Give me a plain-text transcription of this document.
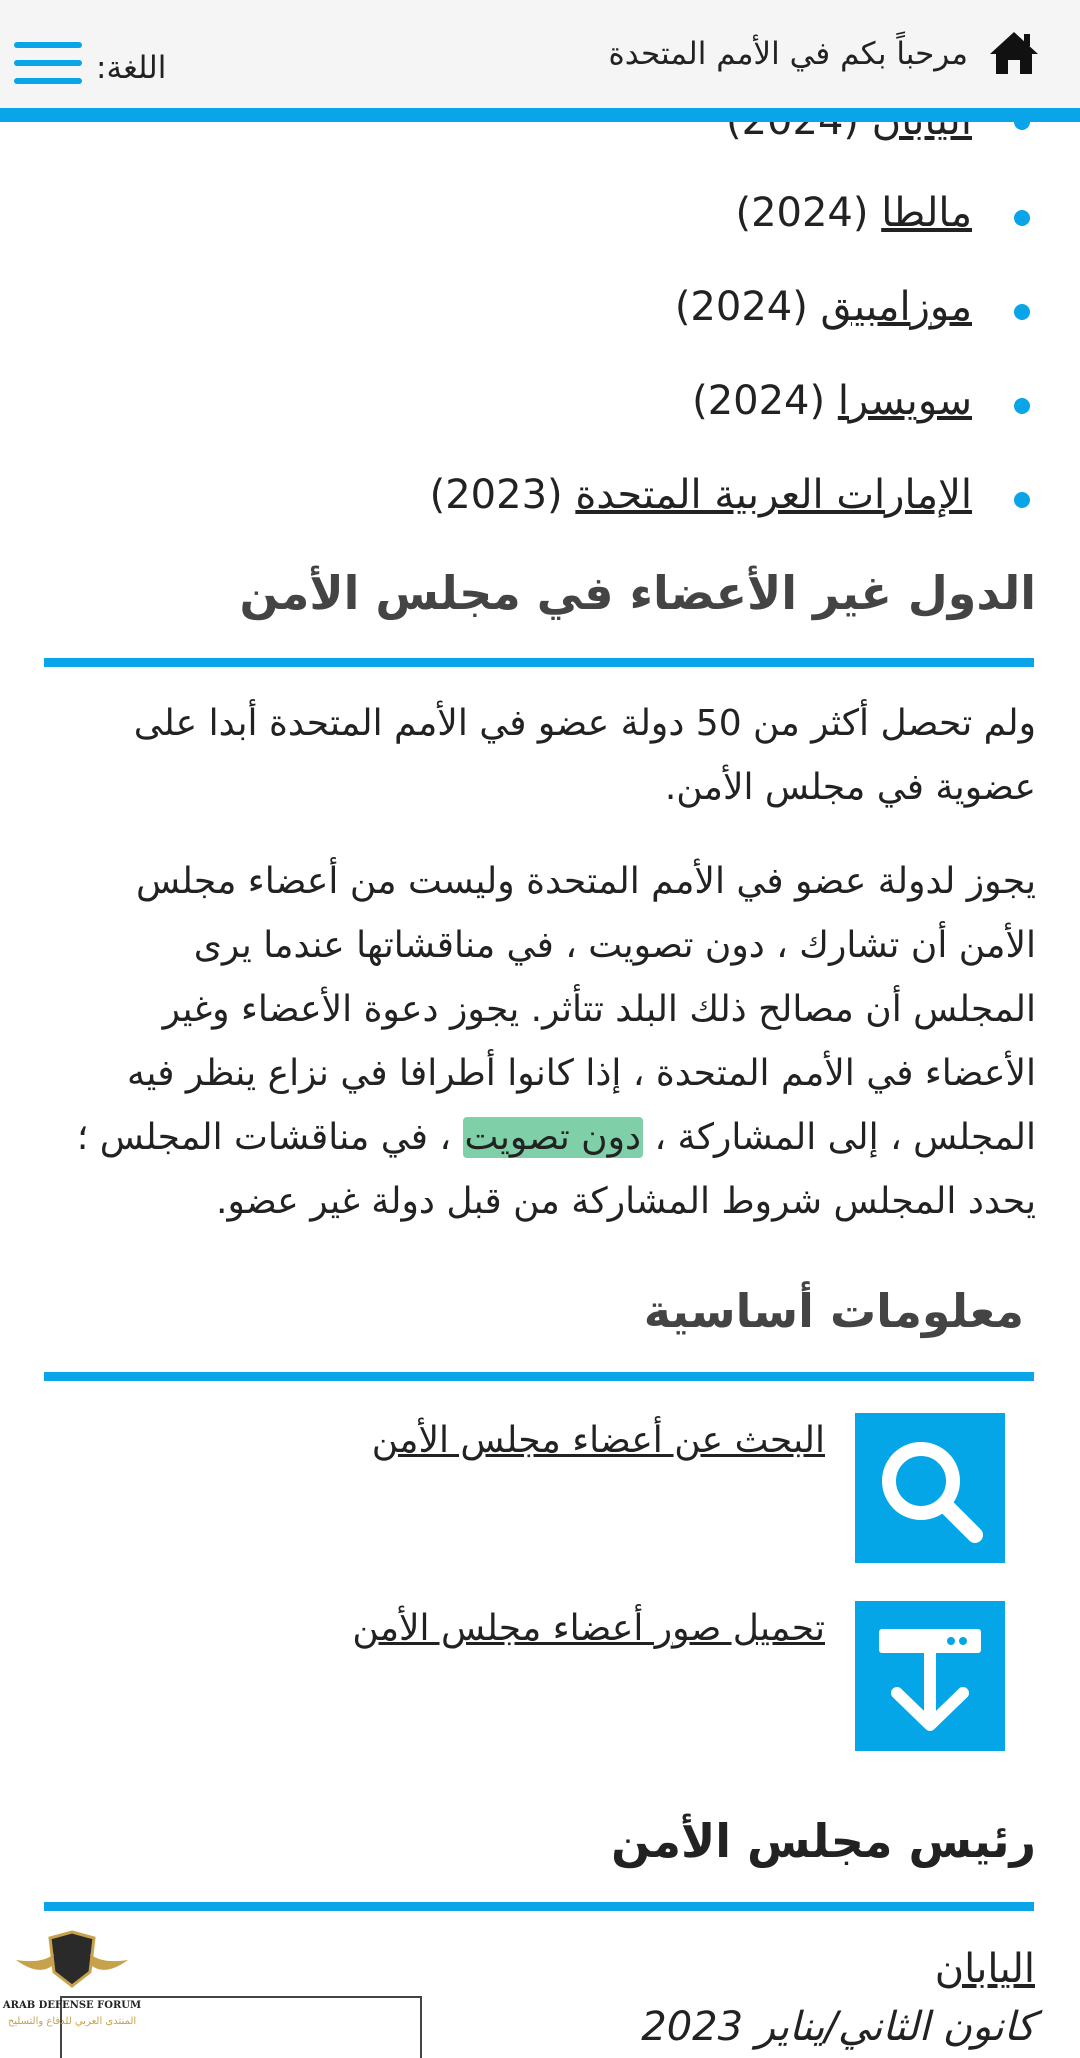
مالطا (2024)
موزامبيق (2024)
سويسرا (2024)
الإمارات العربية المتحدة (2023)
الدول غير الأعضاء في مجلس الأمن
ولم تحصل أكثر من 50 دولة عضو في الأمم المتحدة أبدا على
عضوية في مجلس الأمن.
يجوز لدولة عضو في الأمم المتحدة وليست من أعضاء مجلس الأمن أن تشارك ، دون تصويت ، في مناقشاتها عندما يرى المجلس أن مصالح ذلك البلد تتأثر. يجوز دعوة الأعضاء وغير الأعضاء في الأمم المتحدة ، إذا كانوا أطرافا في نزاع ينظر فيه المجلس ، إلى المشاركة ، دون تصويت ، في مناقشات المجلس ؛ يحدد المجلس شروط المشاركة من قبل دولة غير عضو.
معلومات أساسية
البحث عن أعضاء مجلس الأمن
تحميل صور أعضاء مجلس الأمن
رئيس مجلس الأمن
اليابان
كانون الثاني/يناير 2023
مرحباً بكم في الأمم المتحدة
اللغة:
ARAB DEFENSE FORUM
المنتدى العربي للدفاع والتسليح
